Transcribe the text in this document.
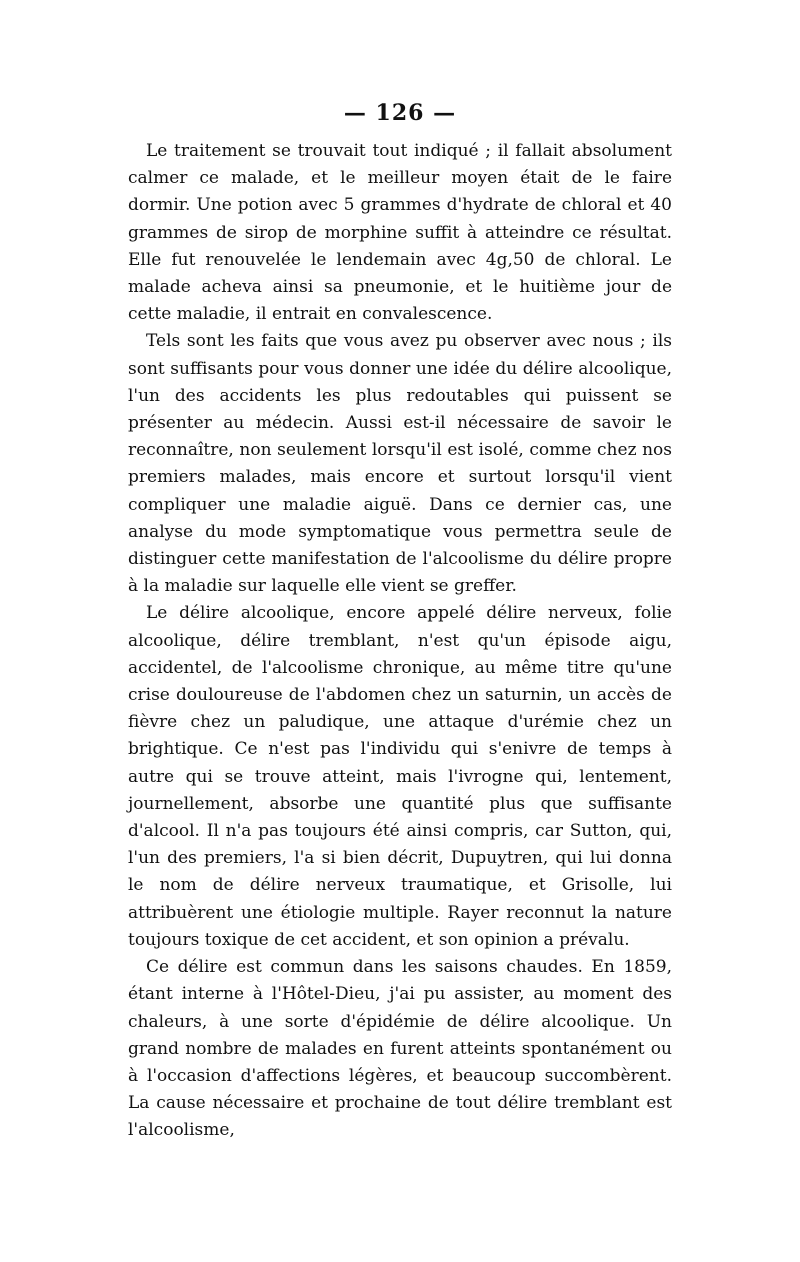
— 126 —

Le traitement se trouvait tout indiqué ; il fallait absolument calmer ce malade, et le meilleur moyen était de le faire dormir. Une potion avec 5 grammes d'hydrate de chloral et 40 grammes de sirop de morphine suffit à atteindre ce résultat. Elle fut renouvelée le lendemain avec 4g,50 de chloral. Le malade acheva ainsi sa pneumonie, et le huitième jour de cette maladie, il entrait en convalescence.

Tels sont les faits que vous avez pu observer avec nous ; ils sont suffisants pour vous donner une idée du délire alcoolique, l'un des accidents les plus redoutables qui puissent se présenter au médecin. Aussi est-il nécessaire de savoir le reconnaître, non seulement lorsqu'il est isolé, comme chez nos premiers malades, mais encore et surtout lorsqu'il vient compliquer une maladie aiguë. Dans ce dernier cas, une analyse du mode symptomatique vous permettra seule de distinguer cette manifestation de l'alcoolisme du délire propre à la maladie sur laquelle elle vient se greffer.

Le délire alcoolique, encore appelé délire nerveux, folie alcoolique, délire tremblant, n'est qu'un épisode aigu, accidentel, de l'alcoolisme chronique, au même titre qu'une crise douloureuse de l'abdomen chez un saturnin, un accès de fièvre chez un paludique, une attaque d'urémie chez un brightique. Ce n'est pas l'individu qui s'enivre de temps à autre qui se trouve atteint, mais l'ivrogne qui, lentement, journellement, absorbe une quantité plus que suffisante d'alcool. Il n'a pas toujours été ainsi compris, car Sutton, qui, l'un des premiers, l'a si bien décrit, Dupuytren, qui lui donna le nom de délire nerveux traumatique, et Grisolle, lui attribuèrent une étiologie multiple. Rayer reconnut la nature toujours toxique de cet accident, et son opinion a prévalu.

Ce délire est commun dans les saisons chaudes. En 1859, étant interne à l'Hôtel-Dieu, j'ai pu assister, au moment des chaleurs, à une sorte d'épidémie de délire alcoolique. Un grand nombre de malades en furent atteints spontanément ou à l'occasion d'affections légères, et beaucoup succombèrent. La cause nécessaire et prochaine de tout délire tremblant est l'alcoolisme,
